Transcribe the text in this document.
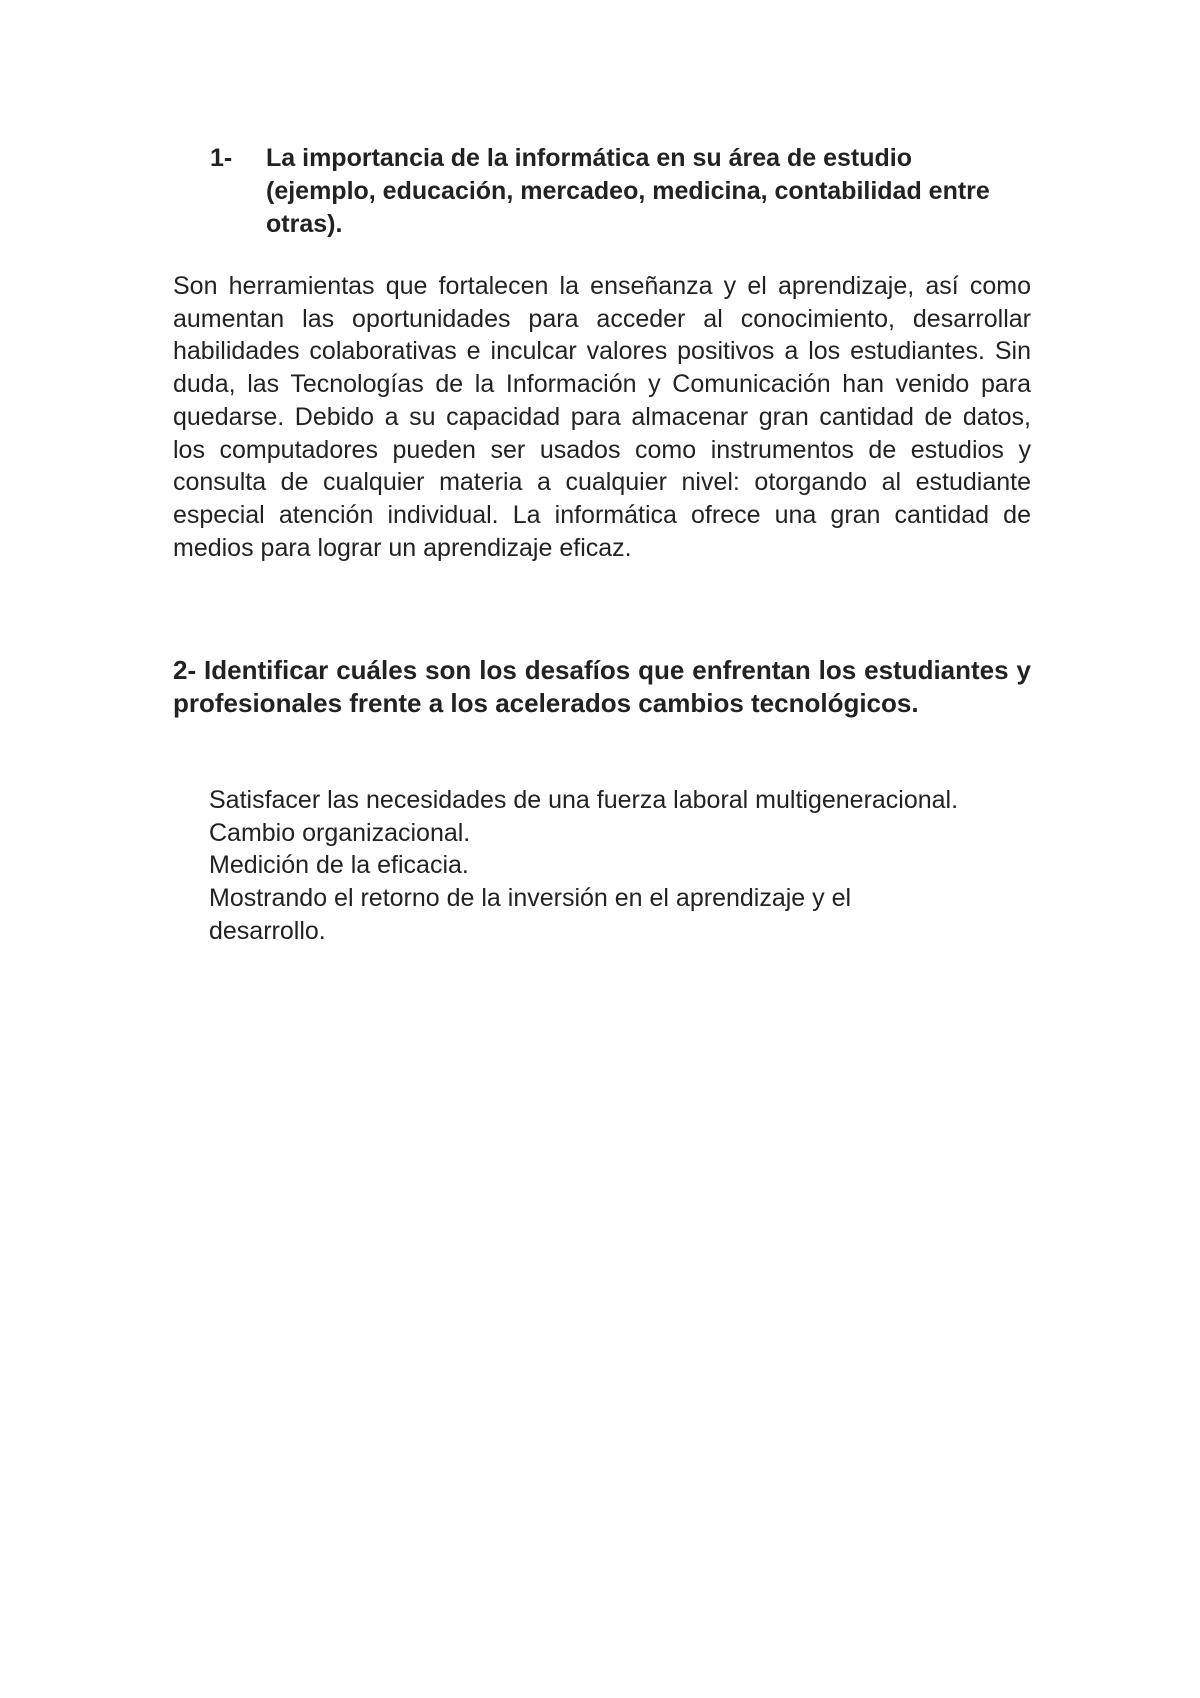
1-	La importancia de la informática en su área de estudio (ejemplo, educación, mercadeo, medicina, contabilidad entre otras).

Son herramientas que fortalecen la enseñanza y el aprendizaje, así como aumentan las oportunidades para acceder al conocimiento, desarrollar habilidades colaborativas e inculcar valores positivos a los estudiantes. Sin duda, las Tecnologías de la Información y Comunicación han venido para quedarse. Debido a su capacidad para almacenar gran cantidad de datos, los computadores pueden ser usados como instrumentos de estudios y consulta de cualquier materia a cualquier nivel: otorgando al estudiante especial atención individual. La informática ofrece una gran cantidad de medios para lograr un aprendizaje eficaz.

2- Identificar cuáles son los desafíos que enfrentan los estudiantes y profesionales frente a los acelerados cambios tecnológicos.

Satisfacer las necesidades de una fuerza laboral multigeneracional.
Cambio organizacional.
Medición de la eficacia.
Mostrando el retorno de la inversión en el aprendizaje y el desarrollo.
